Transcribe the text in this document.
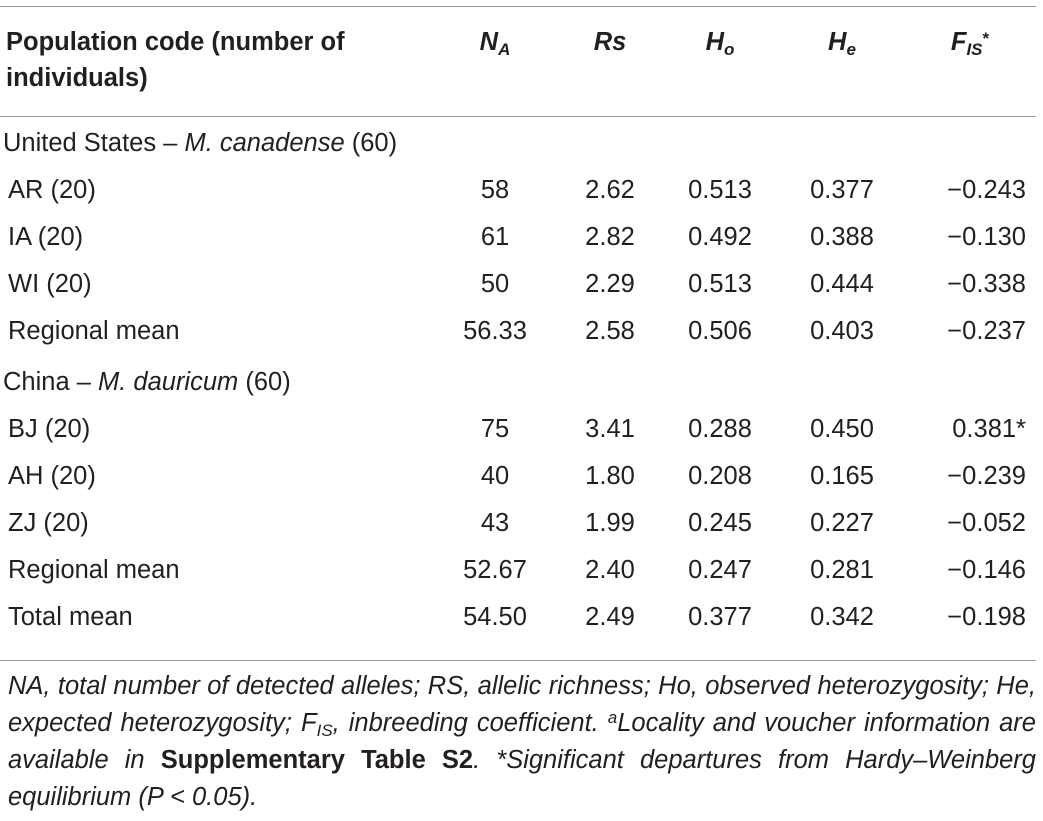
Population code (number of
individuals)	$N_A$	Rs	$H_o$	$H_e$	$F_{IS}^*$
United States – M. canadense (60)					
AR (20)	58	2.62	0.513	0.377	−0.243
IA (20)	61	2.82	0.492	0.388	−0.130
WI (20)	50	2.29	0.513	0.444	−0.338
Regional mean	56.33	2.58	0.506	0.403	−0.237
China – M. dauricum (60)					
BJ (20)	75	3.41	0.288	0.450	0.381*
AH (20)	40	1.80	0.208	0.165	−0.239
ZJ (20)	43	1.99	0.245	0.227	−0.052
Regional mean	52.67	2.40	0.247	0.281	−0.146
Total mean	54.50	2.49	0.377	0.342	−0.198
NA, total number of detected alleles; RS, allelic richness; Ho, observed heterozygosity; He, expected heterozygosity; $F_{IS}$, inbreeding coefficient. $^a$Locality and voucher information are available in Supplementary Table S2. *Significant departures from Hardy–Weinberg equilibrium (P < 0.05).
